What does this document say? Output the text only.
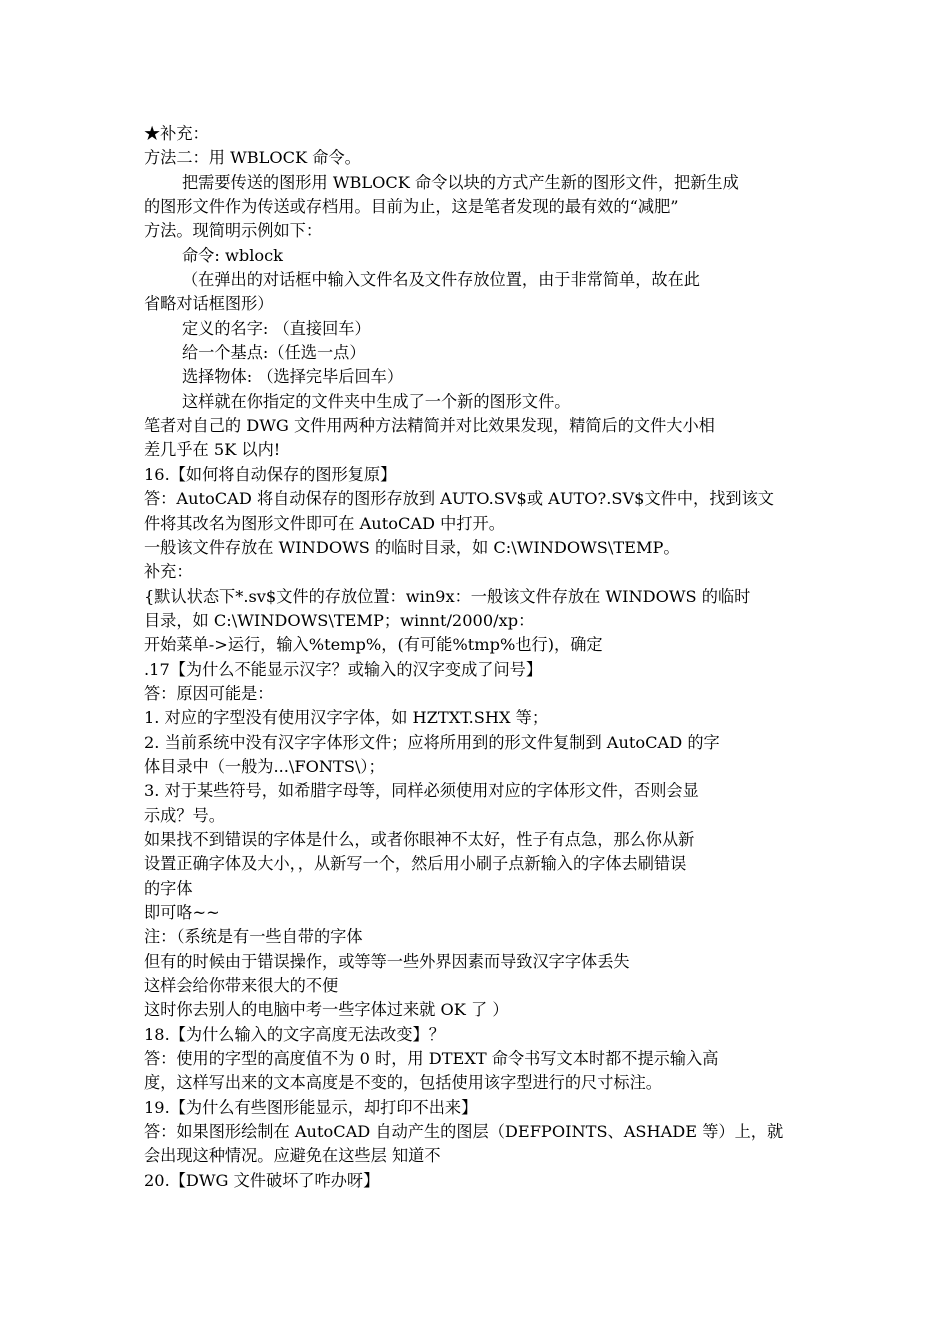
★补充：
方法二：用 WBLOCK 命令。
把需要传送的图形用 WBLOCK 命令以块的方式产生新的图形文件，把新生成
的图形文件作为传送或存档用。目前为止，这是笔者发现的最有效的“减肥”
方法。现简明示例如下：
命令: wblock
（在弹出的对话框中输入文件名及文件存放位置，由于非常简单，故在此
省略对话框图形）
定义的名字: （直接回车）
给一个基点:（任选一点）
选择物体: （选择完毕后回车）
这样就在你指定的文件夹中生成了一个新的图形文件。
笔者对自己的 DWG 文件用两种方法精简并对比效果发现，精简后的文件大小相
差几乎在 5K 以内!
16.【如何将自动保存的图形复原】
答：AutoCAD 将自动保存的图形存放到 AUTO.SV$或 AUTO?.SV$文件中，找到该文
件将其改名为图形文件即可在 AutoCAD 中打开。
一般该文件存放在 WINDOWS 的临时目录，如 C:\WINDOWS\TEMP。
补充：
{默认状态下*.sv$文件的存放位置：win9x：一般该文件存放在 WINDOWS 的临时
目录，如 C:\WINDOWS\TEMP；winnt/2000/xp：
开始菜单->运行，输入%temp%，(有可能%tmp%也行)，确定
.17【为什么不能显示汉字？或输入的汉字变成了问号】
答：原因可能是：
1. 对应的字型没有使用汉字字体，如 HZTXT.SHX 等；
2. 当前系统中没有汉字字体形文件；应将所用到的形文件复制到 AutoCAD 的字
体目录中（一般为...\FONTS\）；
3. 对于某些符号，如希腊字母等，同样必须使用对应的字体形文件，否则会显
示成？号。
如果找不到错误的字体是什么，或者你眼神不太好，性子有点急，那么你从新
设置正确字体及大小，，从新写一个，然后用小刷子点新输入的字体去刷错误
的字体
即可咯~~
注：（系统是有一些自带的字体
但有的时候由于错误操作，或等等一些外界因素而导致汉字字体丢失
这样会给你带来很大的不便
这时你去别人的电脑中考一些字体过来就 OK 了 ）
18.【为什么输入的文字高度无法改变】？
答：使用的字型的高度值不为 0 时，用 DTEXT 命令书写文本时都不提示输入高
度，这样写出来的文本高度是不变的，包括使用该字型进行的尺寸标注。
19.【为什么有些图形能显示，却打印不出来】
答：如果图形绘制在 AutoCAD 自动产生的图层（DEFPOINTS、ASHADE 等）上，就
会出现这种情况。应避免在这些层 知道不
20.【DWG 文件破坏了咋办呀】
